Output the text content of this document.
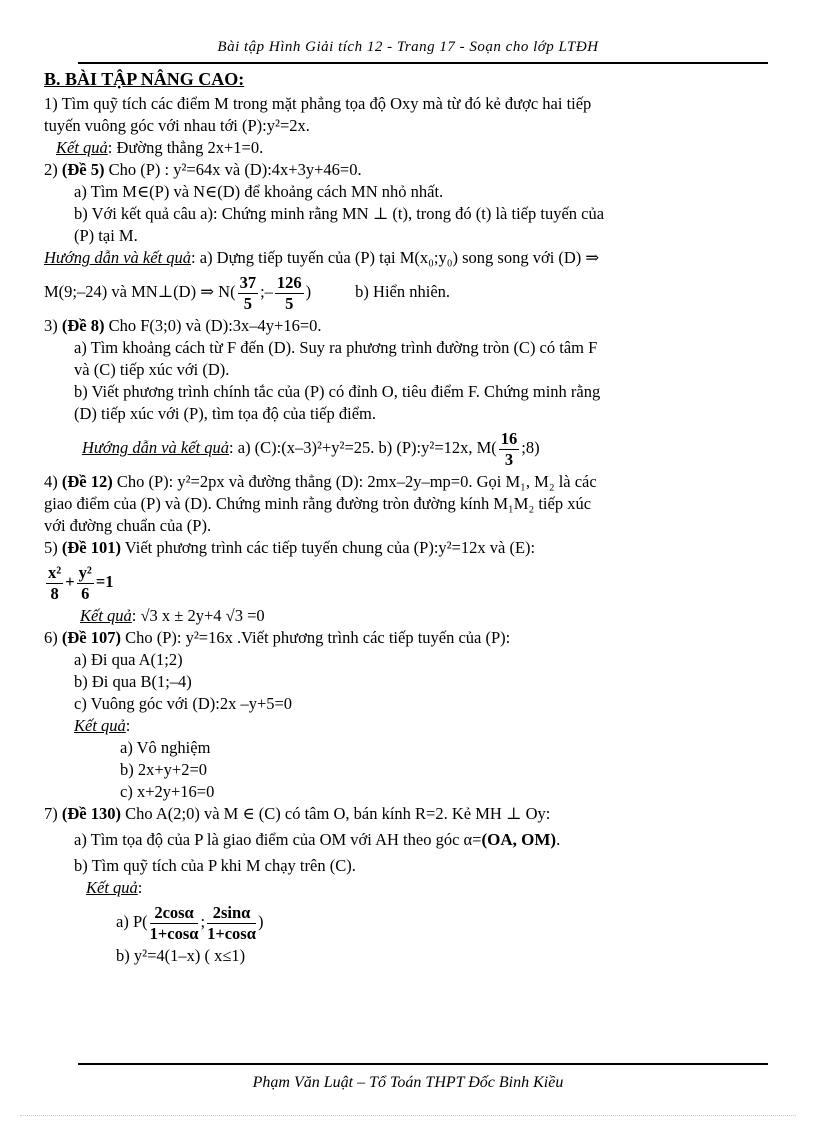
Bài tập Hình Giải tích 12 - Trang 17 - Soạn cho lớp LTĐH

B. BÀI TẬP NÂNG CAO:

1) Tìm quỹ tích các điểm M trong mặt phẳng tọa độ Oxy mà từ đó kẻ được hai tiếp

tuyến vuông góc với nhau tới (P):y²=2x.

Kết quả: Đường thẳng 2x+1=0.

2) (Đề 5) Cho (P) : y²=64x và (D):4x+3y+46=0.

a) Tìm M∈(P) và N∈(D) để khoảng cách MN nhỏ nhất.

b) Với kết quả câu a): Chứng minh rằng MN ⊥ (t), trong đó (t) là tiếp tuyến của

(P) tại M.

Hướng dẫn và kết quả: a) Dựng tiếp tuyến của (P) tại M(x₀;y₀) song song với (D) ⇒

M(9;–24) và MN⊥(D) ⇒ $N( \frac{37}{5}$ ;– $\frac{126}{5}$ )	b) Hiển nhiên.

3) (Đề 8) Cho F(3;0) và (D):3x–4y+16=0.

a) Tìm khoảng cách từ F đến (D). Suy ra phương trình đường tròn (C) có tâm F

và (C) tiếp xúc với (D).

b) Viết phương trình chính tắc của (P) có đỉnh O, tiêu điểm F. Chứng minh rằng

(D) tiếp xúc với (P), tìm tọa độ của tiếp điểm.

Hướng dẫn và kết quả: a) (C):(x–3)²+y²=25. b) (P):y²=12x, $M( \frac{16}{3}$ ;8)

4) (Đề 12) Cho (P): y²=2px và đường thẳng (D): 2mx–2y–mp=0. Gọi M₁, M₂ là các

giao điểm của (P) và (D). Chứng minh rằng đường tròn đường kính M₁M₂ tiếp xúc

với đường chuẩn của (P).

5) (Đề 101) Viết phương trình các tiếp tuyến chung của (P):y²=12x và (E):

$\frac{\text{x²}}{8} + \frac{\text{y²}}{6} =1$

Kết quả: √3 x ± 2y+4 √3 =0

6) (Đề 107) Cho (P): y²=16x .Viết phương trình các tiếp tuyến của (P):

a) Đi qua A(1;2)

b) Đi qua B(1;–4)

c) Vuông góc với (D):2x –y+5=0

Kết quả:

a) Vô nghiệm

b) 2x+y+2=0

c) x+2y+16=0

7) (Đề 130) Cho A(2;0) và M ∈ (C) có tâm O, bán kính R=2. Kẻ MH ⊥ Oy:

a) Tìm tọa độ của P là giao điểm của OM với AH theo góc α=(OA, OM).

b) Tìm quỹ tích của P khi M chạy trên (C).

Kết quả:

a) $P( \frac{2\cos\alpha}{1+\cos\alpha}$ ; $\frac{2\sin\alpha}{1+\cos\alpha}$ )

b) y²=4(1–x) ( x≤1)

Phạm Văn Luật – Tổ Toán THPT Đốc Binh Kiều
